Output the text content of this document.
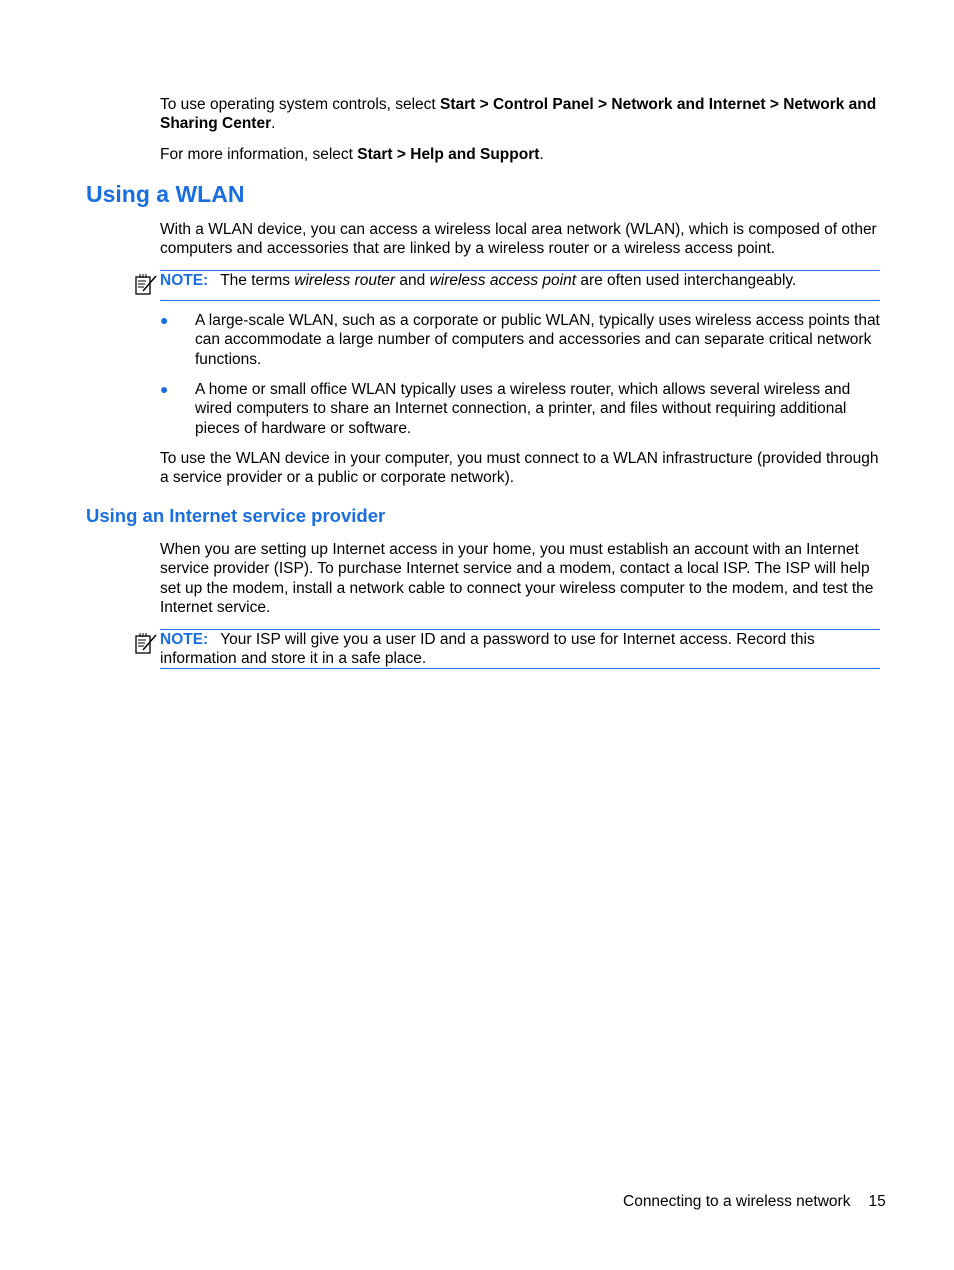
To use operating system controls, select Start > Control Panel > Network and Internet > Network and Sharing Center.

For more information, select Start > Help and Support.

Using a WLAN

With a WLAN device, you can access a wireless local area network (WLAN), which is composed of other computers and accessories that are linked by a wireless router or a wireless access point.

NOTE: The terms wireless router and wireless access point are often used interchangeably.
● A large-scale WLAN, such as a corporate or public WLAN, typically uses wireless access points that can accommodate a large number of computers and accessories and can separate critical network functions.

● A home or small office WLAN typically uses a wireless router, which allows several wireless and wired computers to share an Internet connection, a printer, and files without requiring additional pieces of hardware or software.

To use the WLAN device in your computer, you must connect to a WLAN infrastructure (provided through a service provider or a public or corporate network).

Using an Internet service provider

When you are setting up Internet access in your home, you must establish an account with an Internet service provider (ISP). To purchase Internet service and a modem, contact a local ISP. The ISP will help set up the modem, install a network cable to connect your wireless computer to the modem, and test the Internet service.

NOTE: Your ISP will give you a user ID and a password to use for Internet access. Record this information and store it in a safe place.
Connecting to a wireless network 15
